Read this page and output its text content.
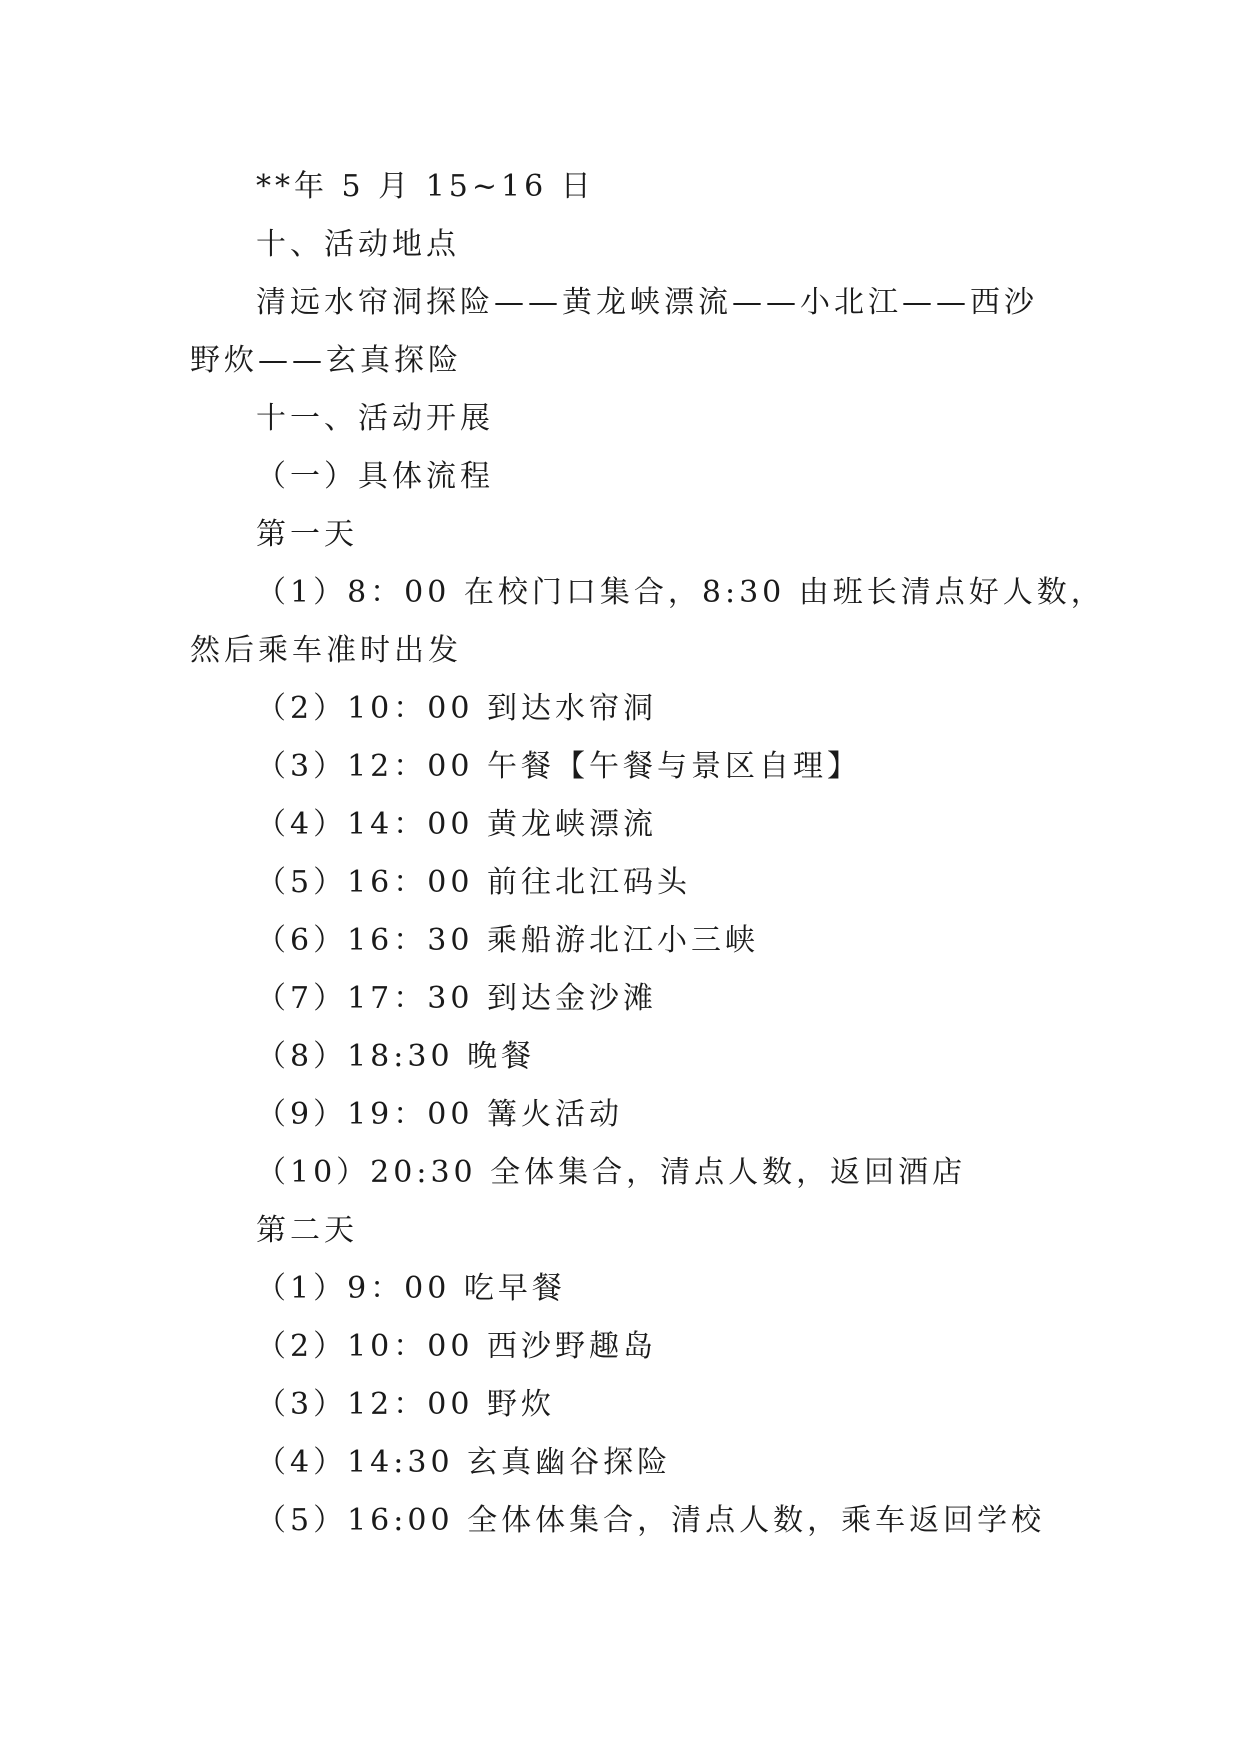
**年 5 月 15~16 日
十、活动地点
清远水帘洞探险——黄龙峡漂流——小北江——西沙
野炊——玄真探险
十一、活动开展
（一）具体流程
第一天
（1）8：00 在校门口集合，8:30 由班长清点好人数，
然后乘车准时出发
（2）10：00 到达水帘洞
（3）12：00 午餐【午餐与景区自理】
（4）14：00 黄龙峡漂流
（5）16：00 前往北江码头
（6）16：30 乘船游北江小三峡
（7）17：30 到达金沙滩
（8）18:30 晚餐
（9）19：00 篝火活动
（10）20:30 全体集合，清点人数，返回酒店
第二天
（1）9：00 吃早餐
（2）10：00 西沙野趣岛
（3）12：00 野炊
（4）14:30 玄真幽谷探险
（5）16:00 全体体集合，清点人数，乘车返回学校
